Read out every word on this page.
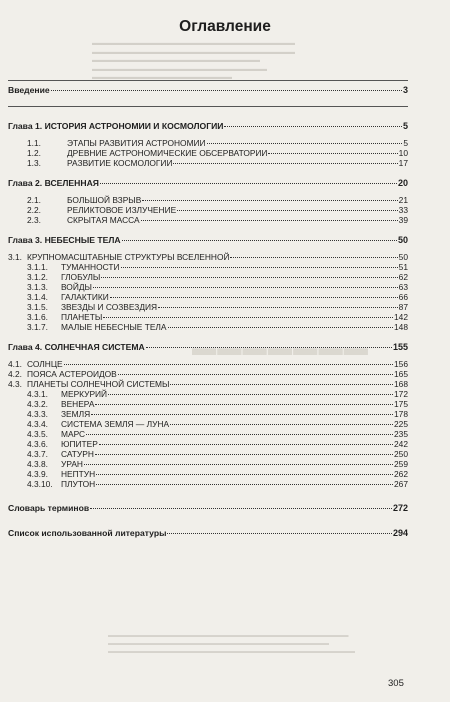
▬▬▬▬▬▬▬▬▬▬▬▬▬▬▬▬▬▬▬▬▬▬▬▬▬▬▬▬▬
▬▬▬▬▬▬▬▬▬▬▬▬▬▬▬▬▬▬▬▬▬▬▬▬▬▬▬▬▬
▬▬▬▬▬▬▬▬▬▬▬▬▬▬▬▬▬▬▬▬▬▬▬▬
▬▬▬▬▬▬▬▬▬▬▬▬▬▬▬▬▬▬▬▬▬▬▬▬▬
▬▬▬▬▬▬▬▬▬▬▬▬▬▬▬▬▬▬▬▬
▬▬▬▬▬▬▬
▬▬▬▬▬▬▬▬▬▬▬▬▬▬▬▬▬▬▬▬▬▬▬▬▬▬▬▬▬▬▬▬▬▬▬▬▬
▬▬▬▬▬▬▬▬▬▬▬▬▬▬▬▬▬▬▬▬▬▬▬▬▬▬▬▬▬▬▬▬▬▬
▬▬▬▬▬▬▬▬▬▬▬▬▬▬▬▬▬▬▬▬▬▬▬▬▬▬▬▬▬▬▬▬▬▬▬▬▬▬
Оглавление
Введение	3
Глава 1. ИСТОРИЯ АСТРОНОМИИ И КОСМОЛОГИИ	5
1.1.	ЭТАПЫ РАЗВИТИЯ АСТРОНОМИИ	5
1.2.	ДРЕВНИЕ АСТРОНОМИЧЕСКИЕ ОБСЕРВАТОРИИ	10
1.3.	РАЗВИТИЕ КОСМОЛОГИИ	17
Глава 2. ВСЕЛЕННАЯ	20
2.1.	БОЛЬШОЙ ВЗРЫВ	21
2.2.	РЕЛИКТОВОЕ ИЗЛУЧЕНИЕ	33
2.3.	СКРЫТАЯ МАССА	39
Глава 3. НЕБЕСНЫЕ ТЕЛА	50
3.1. КРУПНОМАСШТАБНЫЕ СТРУКТУРЫ ВСЕЛЕННОЙ	50
3.1.1.	ТУМАННОСТИ	51
3.1.2.	ГЛОБУЛЫ	62
3.1.3.	ВОЙДЫ	63
3.1.4.	ГАЛАКТИКИ	66
3.1.5.	ЗВЕЗДЫ И СОЗВЕЗДИЯ	87
3.1.6.	ПЛАНЕТЫ	142
3.1.7.	МАЛЫЕ НЕБЕСНЫЕ ТЕЛА	148
Глава 4. СОЛНЕЧНАЯ СИСТЕМА	155
4.1. СОЛНЦЕ	156
4.2. ПОЯСА АСТЕРОИДОВ	165
4.3. ПЛАНЕТЫ СОЛНЕЧНОЙ СИСТЕМЫ	168
4.3.1.	МЕРКУРИЙ	172
4.3.2.	ВЕНЕРА	175
4.3.3.	ЗЕМЛЯ	178
4.3.4.	СИСТЕМА ЗЕМЛЯ — ЛУНА	225
4.3.5.	МАРС	235
4.3.6.	ЮПИТЕР	242
4.3.7.	САТУРН	250
4.3.8.	УРАН	259
4.3.9.	НЕПТУН	262
4.3.10. ПЛУТОН	267
Словарь терминов	272
Список использованной литературы	294
305
